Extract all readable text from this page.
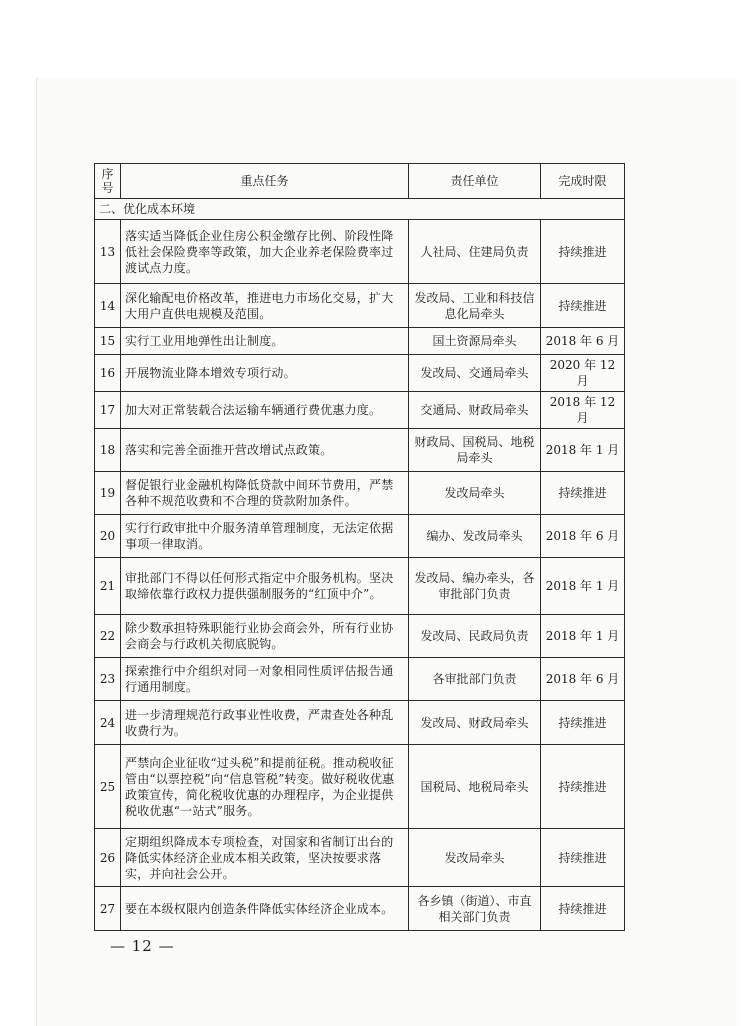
序号	重点任务	责任单位	完成时限
二、优化成本环境			
13	落实适当降低企业住房公积金缴存比例、阶段性降低社会保险费率等政策，加大企业养老保险费率过渡试点力度。	人社局、住建局负责	持续推进
14	深化输配电价格改革，推进电力市场化交易，扩大大用户直供电规模及范围。	发改局、工业和科技信息化局牵头	持续推进
15	实行工业用地弹性出让制度。	国土资源局牵头	2018 年 6 月
16	开展物流业降本增效专项行动。	发改局、交通局牵头	2020 年 12 月
17	加大对正常装载合法运输车辆通行费优惠力度。	交通局、财政局牵头	2018 年 12 月
18	落实和完善全面推开营改增试点政策。	财政局、国税局、地税局牵头	2018 年 1 月
19	督促银行业金融机构降低贷款中间环节费用，严禁各种不规范收费和不合理的贷款附加条件。	发改局牵头	持续推进
20	实行行政审批中介服务清单管理制度，无法定依据事项一律取消。	编办、发改局牵头	2018 年 6 月
21	审批部门不得以任何形式指定中介服务机构。坚决取缔依靠行政权力提供强制服务的“红顶中介”。	发改局、编办牵头，各审批部门负责	2018 年 1 月
22	除少数承担特殊职能行业协会商会外，所有行业协会商会与行政机关彻底脱钩。	发改局、民政局负责	2018 年 1 月
23	探索推行中介组织对同一对象相同性质评估报告通行通用制度。	各审批部门负责	2018 年 6 月
24	进一步清理规范行政事业性收费，严肃查处各种乱收费行为。	发改局、财政局牵头	持续推进
25	严禁向企业征收“过头税”和提前征税。推动税收征管由“以票控税”向“信息管税”转变。做好税收优惠政策宣传，简化税收优惠的办理程序，为企业提供税收优惠“一站式”服务。	国税局、地税局牵头	持续推进
26	定期组织降成本专项检查，对国家和省制订出台的降低实体经济企业成本相关政策，坚决按要求落实，并向社会公开。	发改局牵头	持续推进
27	要在本级权限内创造条件降低实体经济企业成本。	各乡镇（街道）、市直相关部门负责	持续推进
— 12 —
